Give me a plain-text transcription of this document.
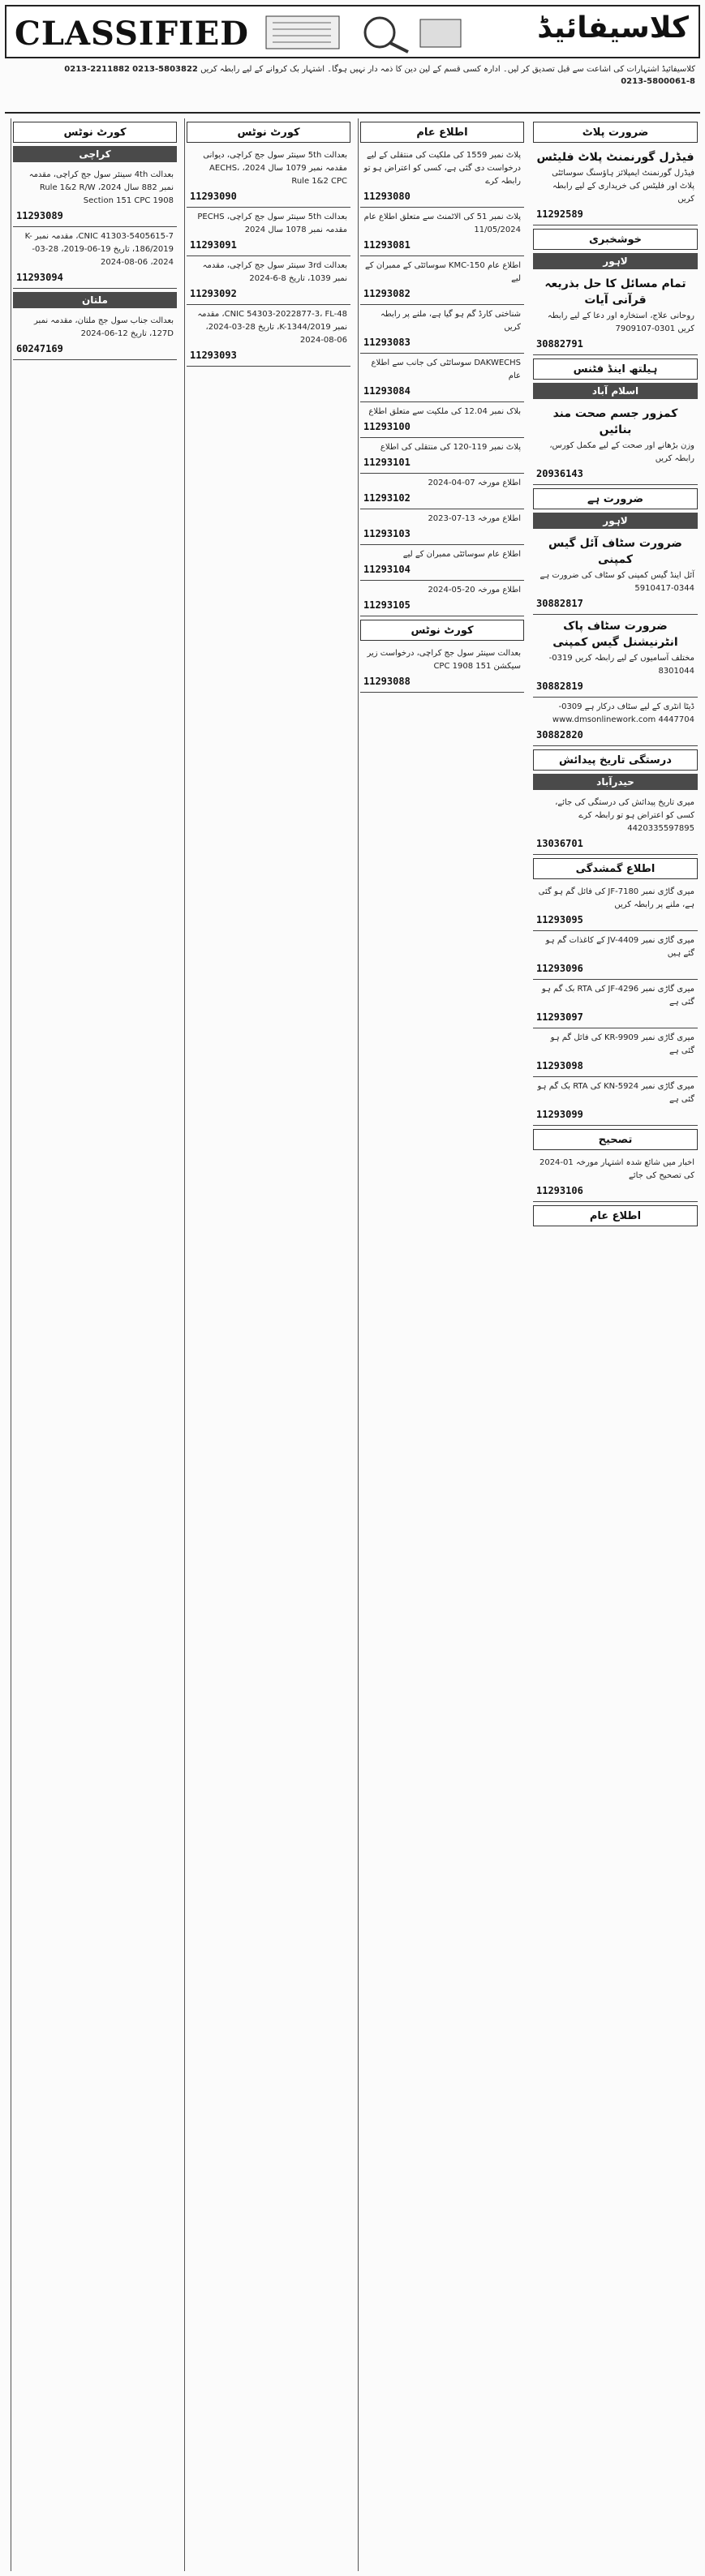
CLASSIFIED	کلاسیفائیڈ
کلاسیفائیڈ اشتہارات کی اشاعت سے قبل تصدیق کر لیں۔ ادارہ کسی قسم کے لین دین کا ذمہ دار نہیں ہوگا۔ اشتہار بک کروانے کے لیے رابطہ کریں 0213-5803822 0213-2211882 0213-5800061-8
ضرورت پلاٹ
فیڈرل گورنمنٹ پلاٹ فلیٹس
فیڈرل گورنمنٹ ایمپلائز ہاؤسنگ سوسائٹی پلاٹ اور فلیٹس کی خریداری کے لیے رابطہ کریں
11292589
خوشخبری
لاہور
تمام مسائل کا حل بذریعہ قرآنی آیات
روحانی علاج، استخارہ اور دعا کے لیے رابطہ کریں 0301-7909107
30882791
ہیلتھ اینڈ فٹنس
اسلام آباد
کمزور جسم صحت مند بنائیں
وزن بڑھانے اور صحت کے لیے مکمل کورس، رابطہ کریں
20936143
ضرورت ہے
لاہور
ضرورت سٹاف آئل گیس کمپنی
آئل اینڈ گیس کمپنی کو سٹاف کی ضرورت ہے 0344-5910417
30882817
ضرورت سٹاف پاک انٹرنیشنل گیس کمپنی
مختلف آسامیوں کے لیے رابطہ کریں 0319-8301044
30882819
ڈیٹا انٹری کے لیے سٹاف درکار ہے 0309-4447704 www.dmsonlinework.com
30882820
درستگی تاریخ پیدائش
حیدرآباد
میری تاریخ پیدائش کی درستگی کی جائے، کسی کو اعتراض ہو تو رابطہ کرے 4420335597895
13036701
اطلاع گمشدگی
میری گاڑی نمبر JF-7180 کی فائل گم ہو گئی ہے، ملنے پر رابطہ کریں
11293095
میری گاڑی نمبر JV-4409 کے کاغذات گم ہو گئے ہیں
11293096
میری گاڑی نمبر JF-4296 کی RTA بک گم ہو گئی ہے
11293097
میری گاڑی نمبر KR-9909 کی فائل گم ہو گئی ہے
11293098
میری گاڑی نمبر KN-5924 کی RTA بک گم ہو گئی ہے
11293099
تصحیح
اخبار میں شائع شدہ اشتہار مورخہ 01-2024 کی تصحیح کی جائے
11293106
اطلاع عام
اطلاع عام
پلاٹ نمبر 1559 کی ملکیت کی منتقلی کے لیے درخواست دی گئی ہے، کسی کو اعتراض ہو تو رابطہ کرے
11293080
پلاٹ نمبر 51 کی الاٹمنٹ سے متعلق اطلاع عام 11/05/2024
11293081
اطلاع عام KMC-150 سوسائٹی کے ممبران کے لیے
11293082
شناختی کارڈ گم ہو گیا ہے، ملنے پر رابطہ کریں
11293083
DAKWECHS سوسائٹی کی جانب سے اطلاع عام
11293084
بلاک نمبر 12.04 کی ملکیت سے متعلق اطلاع
11293100
پلاٹ نمبر 119-120 کی منتقلی کی اطلاع
11293101
اطلاع مورخہ 07-04-2024
11293102
اطلاع مورخہ 13-07-2023
11293103
اطلاع عام سوسائٹی ممبران کے لیے
11293104
اطلاع مورخہ 20-05-2024
11293105
کورٹ نوٹس
بعدالت سینئر سول جج کراچی، درخواست زیر سیکشن 151 CPC 1908
11293088
کورٹ نوٹس
بعدالت 5th سینئر سول جج کراچی، دیوانی مقدمہ نمبر 1079 سال 2024، AECHS، Rule 1&2 CPC
11293090
بعدالت 5th سینئر سول جج کراچی، PECHS مقدمہ نمبر 1078 سال 2024
11293091
بعدالت 3rd سینئر سول جج کراچی، مقدمہ نمبر 1039، تاریخ 8-6-2024
11293092
CNIC 54303-2022877-3، FL-48، مقدمہ نمبر K-1344/2019، تاریخ 28-03-2024، 06-08-2024
11293093
کورٹ نوٹس
کراچی
بعدالت 4th سینئر سول جج کراچی، مقدمہ نمبر 882 سال 2024، Rule 1&2 R/W Section 151 CPC 1908
11293089
CNIC 41303-5405615-7، مقدمہ نمبر K-186/2019، تاریخ 19-06-2019، 28-03-2024، 06-08-2024
11293094
ملتان
بعدالت جناب سول جج ملتان، مقدمہ نمبر 127D، تاریخ 12-06-2024
60247169
